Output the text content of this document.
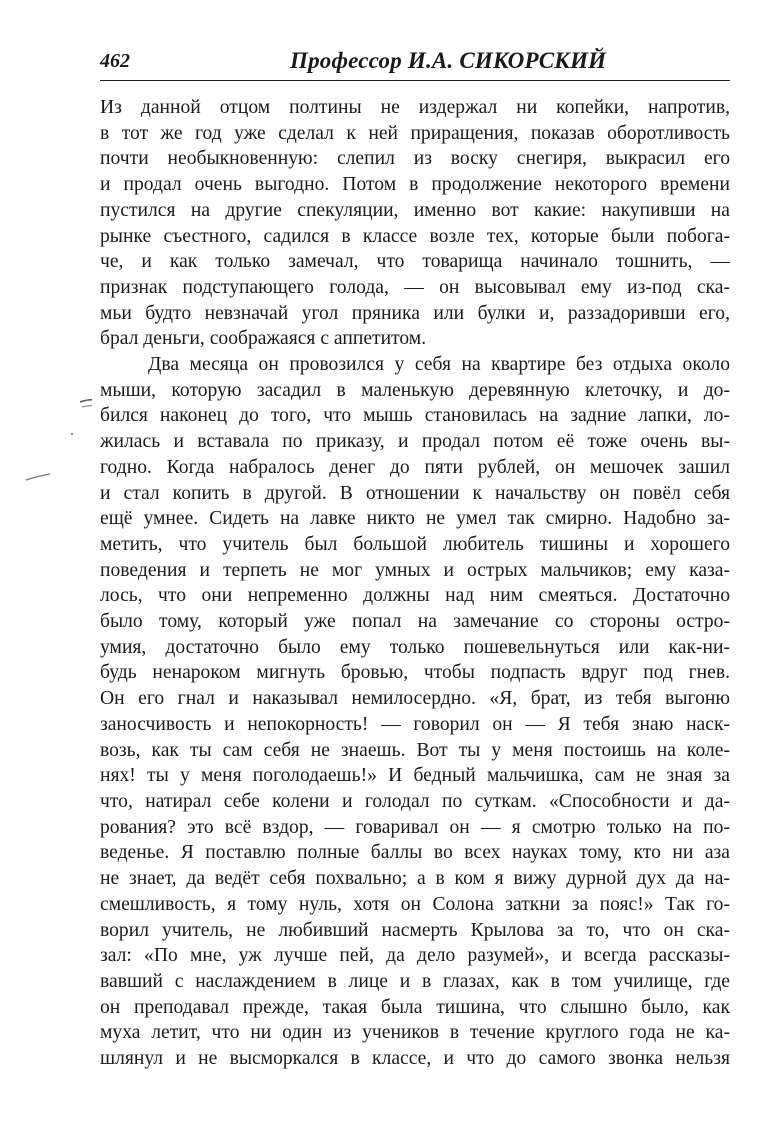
462	Профессор И.А. СИКОРСКИЙ
Из данной отцом полтины не издержал ни копейки, напротив,
в тот же год уже сделал к ней приращения, показав оборотливость
почти необыкновенную: слепил из воску снегиря, выкрасил его
и продал очень выгодно. Потом в продолжение некоторого времени
пустился на другие спекуляции, именно вот какие: накупивши на
рынке съестного, садился в классе возле тех, которые были побога-
че, и как только замечал, что товарища начинало тошнить, —
признак подступающего голода, — он высовывал ему из-под ска-
мьи будто невзначай угол пряника или булки и, раззадоривши его,
брал деньги, соображаяся с аппетитом.
Два месяца он провозился у себя на квартире без отдыха около
мыши, которую засадил в маленькую деревянную клеточку, и до-
бился наконец до того, что мышь становилась на задние лапки, ло-
жилась и вставала по приказу, и продал потом её тоже очень вы-
годно. Когда набралось денег до пяти рублей, он мешочек зашил
и стал копить в другой. В отношении к начальству он повёл себя
ещё умнее. Сидеть на лавке никто не умел так смирно. Надобно за-
метить, что учитель был большой любитель тишины и хорошего
поведения и терпеть не мог умных и острых мальчиков; ему каза-
лось, что они непременно должны над ним смеяться. Достаточно
было тому, который уже попал на замечание со стороны остро-
умия, достаточно было ему только пошевельнуться или как-ни-
будь ненароком мигнуть бровью, чтобы подпасть вдруг под гнев.
Он его гнал и наказывал немилосердно. «Я, брат, из тебя выгоню
заносчивость и непокорность! — говорил он — Я тебя знаю наск-
возь, как ты сам себя не знаешь. Вот ты у меня постоишь на коле-
нях! ты у меня поголодаешь!» И бедный мальчишка, сам не зная за
что, натирал себе колени и голодал по суткам. «Способности и да-
рования? это всё вздор, — говаривал он — я смотрю только на по-
веденье. Я поставлю полные баллы во всех науках тому, кто ни аза
не знает, да ведёт себя похвально; а в ком я вижу дурной дух да на-
смешливость, я тому нуль, хотя он Солона заткни за пояс!» Так го-
ворил учитель, не любивший насмерть Крылова за то, что он ска-
зал: «По мне, уж лучше пей, да дело разумей», и всегда рассказы-
вавший с наслаждением в лице и в глазах, как в том училище, где
он преподавал прежде, такая была тишина, что слышно было, как
муха летит, что ни один из учеников в течение круглого года не ка-
шлянул и не высморкался в классе, и что до самого звонка нельзя
